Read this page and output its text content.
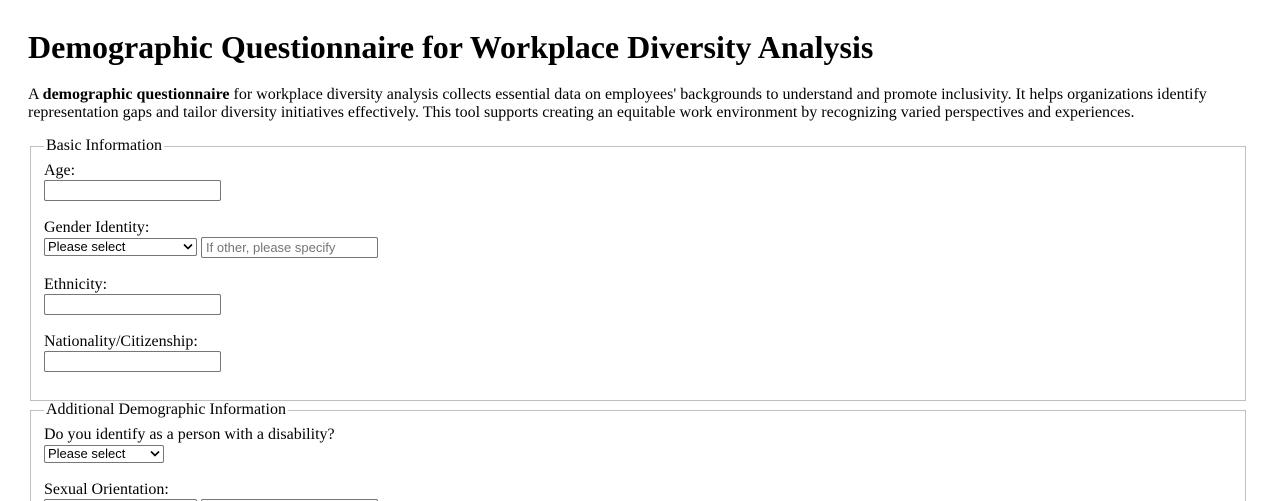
Demographic Questionnaire for Workplace Diversity Analysis

A demographic questionnaire for workplace diversity analysis collects essential data on employees' backgrounds to understand and promote inclusivity. It helps organizations identify representation gaps and tailor diversity initiatives effectively. This tool supports creating an equitable work environment by recognizing varied perspectives and experiences.

Basic Information
Age:
Gender Identity:
Please select	If other, please specify
Ethnicity:
Nationality/Citizenship:
Additional Demographic Information
Do you identify as a person with a disability?
Please select
Sexual Orientation:
